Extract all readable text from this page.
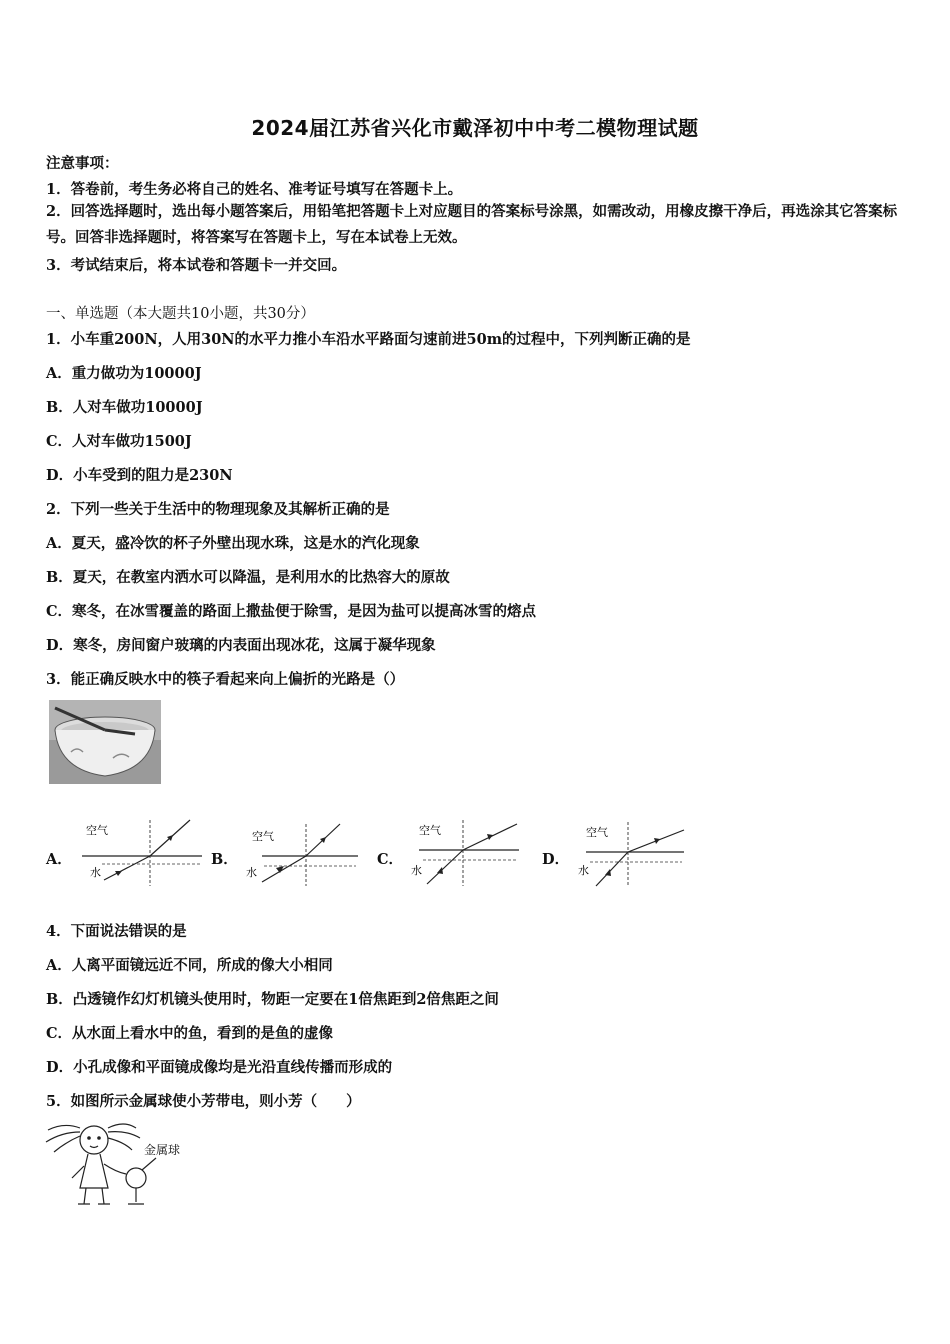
2024届江苏省兴化市戴泽初中中考二模物理试题
注意事项：
1．答卷前，考生务必将自己的姓名、准考证号填写在答题卡上。
2．回答选择题时，选出每小题答案后，用铅笔把答题卡上对应题目的答案标号涂黑，如需改动，用橡皮擦干净后，再选涂其它答案标号。回答非选择题时，将答案写在答题卡上，写在本试卷上无效。
3．考试结束后，将本试卷和答题卡一并交回。
一、单选题（本大题共10小题，共30分）
1．小车重200N，人用30N的水平力推小车沿水平路面匀速前进50m的过程中，下列判断正确的是
A．重力做功为10000J
B．人对车做功10000J
C．人对车做功1500J
D．小车受到的阻力是230N
2．下列一些关于生活中的物理现象及其解析正确的是
A．夏天，盛冷饮的杯子外壁出现水珠，这是水的汽化现象
B．夏天，在教室内洒水可以降温，是利用水的比热容大的原故
C．寒冬，在冰雪覆盖的路面上撒盐便于除雪，是因为盐可以提高冰雪的熔点
D．寒冬，房间窗户玻璃的内表面出现冰花，这属于凝华现象
3．能正确反映水中的筷子看起来向上偏折的光路是（）
A．	B．	C．	D．
空气
水
空气
水
空气
水
空气
水
4．下面说法错误的是
A．人离平面镜远近不同，所成的像大小相同
B．凸透镜作幻灯机镜头使用时，物距一定要在1倍焦距到2倍焦距之间
C．从水面上看水中的鱼，看到的是鱼的虚像
D．小孔成像和平面镜成像均是光沿直线传播而形成的
5．如图所示金属球使小芳带电，则小芳（　　）
金属球
